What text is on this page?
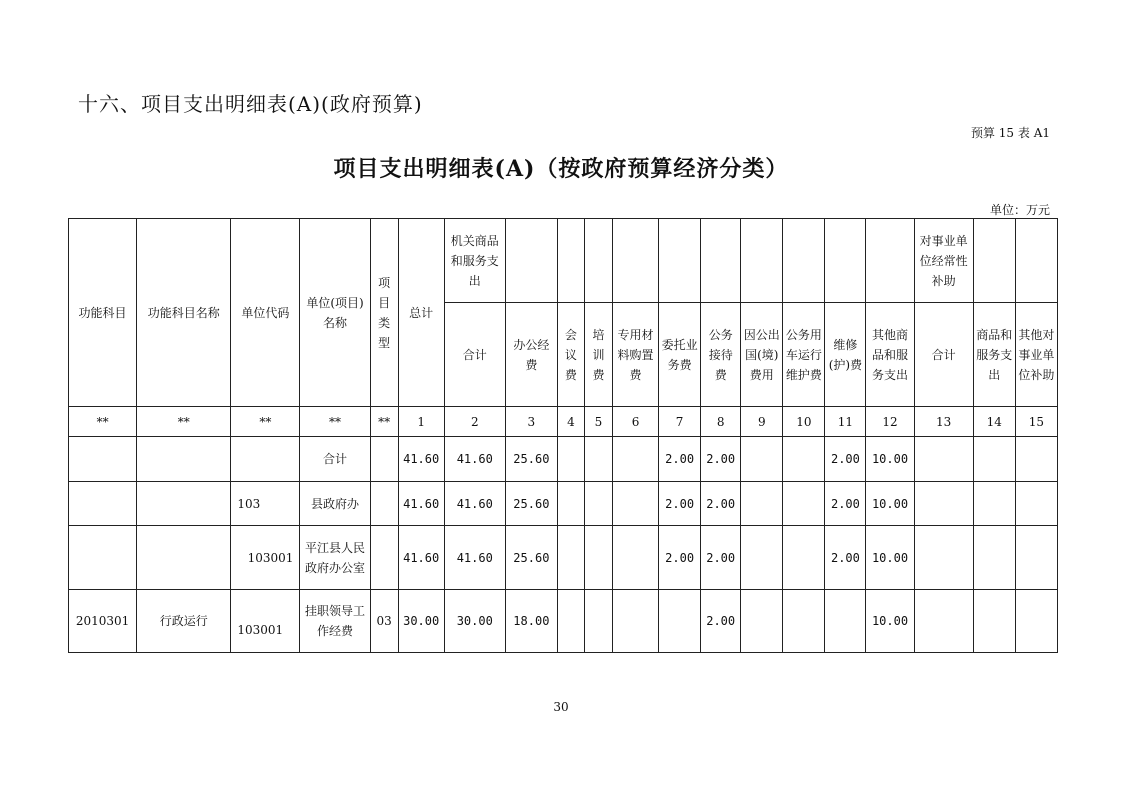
十六、项目支出明细表(A)(政府预算)
预算 15 表 A1
项目支出明细表(A)（按政府预算经济分类）
单位：万元
功能科目	功能科目名称	单位代码	单位(项目)名称	项目类型	总计	机关商品和服务支出											对事业单位经常性补助		
						合计	办公经费	会议费	培训费	专用材料购置费	委托业务费	公务接待费	因公出国(境)费用	公务用车运行维护费	维修(护)费	其他商品和服务支出	合计	商品和服务支出	其他对事业单位补助
**	**	**	**	**	1	2	3	4	5	6	7	8	9	10	11	12	13	14	15
			合计		41.60	41.60	25.60				2.00	2.00			2.00	10.00			
		103	县政府办		41.60	41.60	25.60				2.00	2.00			2.00	10.00			
		103001	平江县人民政府办公室		41.60	41.60	25.60				2.00	2.00			2.00	10.00			
2010301	行政运行	103001	挂职领导工作经费	03	30.00	30.00	18.00					2.00				10.00			
30
